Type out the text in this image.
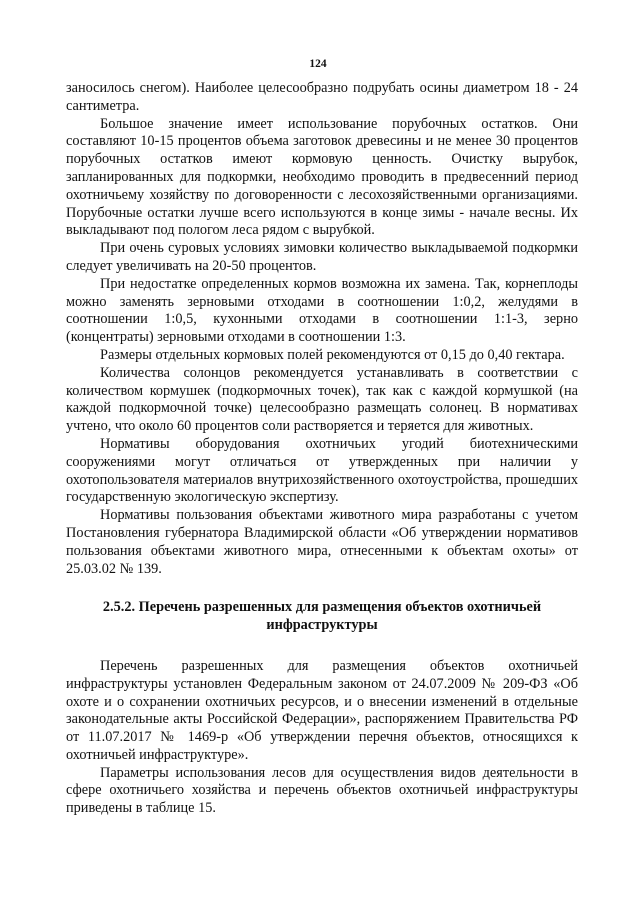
124

заносилось снегом). Наиболее целесообразно подрубать осины диаметром 18 - 24 сантиметра.

Большое значение имеет использование порубочных остатков. Они составляют 10-15 процентов объема заготовок древесины и не менее 30 процентов порубочных остатков имеют кормовую ценность. Очистку вырубок, запланированных для подкормки, необходимо проводить в предвесенний период охотничьему хозяйству по договоренности с лесохозяйственными организациями. Порубочные остатки лучше всего используются в конце зимы - начале весны. Их выкладывают под пологом леса рядом с вырубкой.

При очень суровых условиях зимовки количество выкладываемой подкормки следует увеличивать на 20-50 процентов.

При недостатке определенных кормов возможна их замена. Так, корнеплоды можно заменять зерновыми отходами в соотношении 1:0,2, желудями в соотношении 1:0,5, кухонными отходами в соотношении 1:1-3, зерно (концентраты) зерновыми отходами в соотношении 1:3.

Размеры отдельных кормовых полей рекомендуются от 0,15 до 0,40 гектара.

Количества солонцов рекомендуется устанавливать в соответствии с количеством кормушек (подкормочных точек), так как с каждой кормушкой (на каждой подкормочной точке) целесообразно размещать солонец. В нормативах учтено, что около 60 процентов соли растворяется и теряется для животных.

Нормативы оборудования охотничьих угодий биотехническими сооружениями могут отличаться от утвержденных при наличии у охотопользователя материалов внутрихозяйственного охотоустройства, прошедших государственную экологическую экспертизу.

Нормативы пользования объектами животного мира разработаны с учетом Постановления губернатора Владимирской области «Об утверждении нормативов пользования объектами животного мира, отнесенными к объектам охоты» от 25.03.02 № 139.

2.5.2. Перечень разрешенных для размещения объектов охотничьей инфраструктуры

Перечень разрешенных для размещения объектов охотничьей инфраструктуры установлен Федеральным законом от 24.07.2009 № 209-ФЗ «Об охоте и о сохранении охотничьих ресурсов, и о внесении изменений в отдельные законодательные акты Российской Федерации», распоряжением Правительства РФ от 11.07.2017 № 1469-р «Об утверждении перечня объектов, относящихся к охотничьей инфраструктуре».

Параметры использования лесов для осуществления видов деятельности в сфере охотничьего хозяйства и перечень объектов охотничьей инфраструктуры приведены в таблице 15.
